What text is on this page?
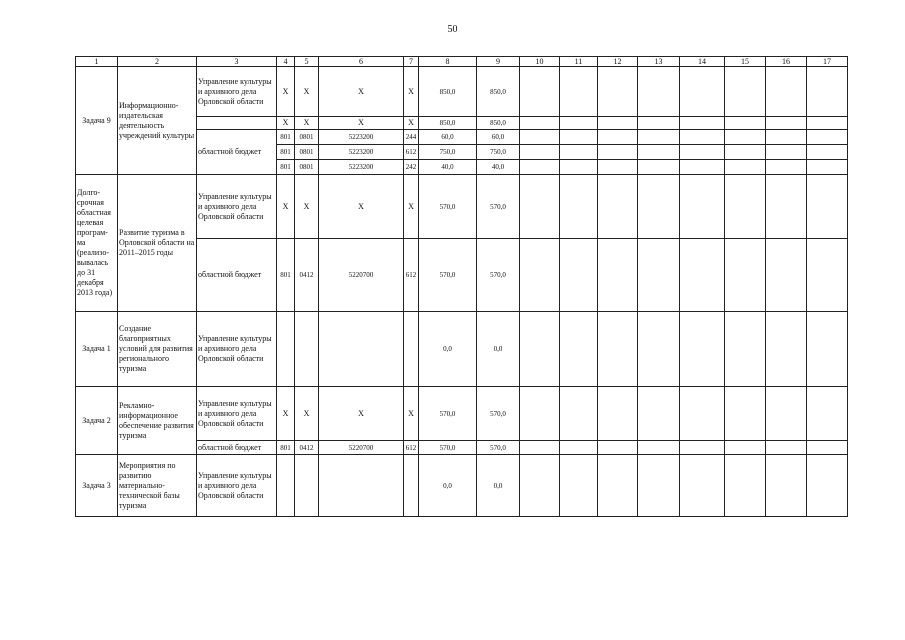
50
1	2	3	4	5	6	7	8	9	10	11	12	13	14	15	16	17
Задача 9	Информационно-издательская деятельность учреждений культуры	Управление культуры и архивного дела Орловской области	X	X	X	X	850,0	850,0								
			X	X	X	X	850,0	850,0								
		областной бюджет	801	0801	5223200	244	60,0	60,0								
			801	0801	5223200	612	750,0	750,0								
			801	0801	5223200	242	40,0	40,0								
Долго-срочная областная целевая програм-ма (реализо-вывалась до 31 декабря 2013 года)	Развитие туризма в Орловской области на 2011–2015 годы	Управление культуры и архивного дела Орловской области	X	X	X	X	570,0	570,0								
		областной бюджет	801	0412	5220700	612	570,0	570,0								
Задача 1	Создание благоприятных условий для развития регионального туризма	Управление культуры и архивного дела Орловской области					0,0	0,0								
Задача 2	Рекламно-информационное обеспечение развития туризма	Управление культуры и архивного дела Орловской области	X	X	X	X	570,0	570,0								
		областной бюджет	801	0412	5220700	612	570,0	570,0								
Задача 3	Мероприятия по развитию материально-технической базы туризма	Управление культуры и архивного дела Орловской области					0,0	0,0								
